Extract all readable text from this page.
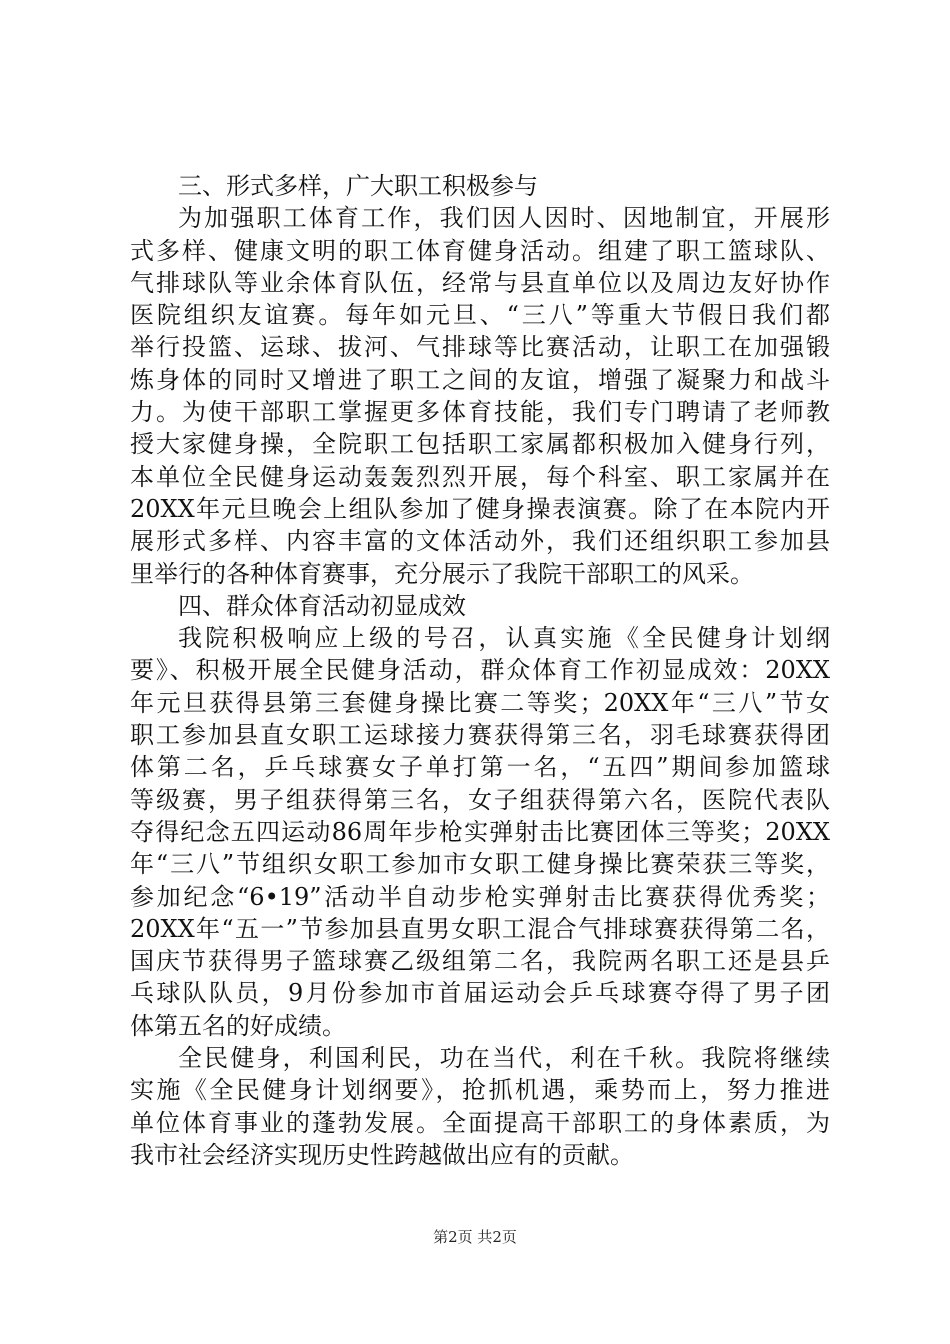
三、形式多样，广大职工积极参与
为加强职工体育工作，我们因人因时、因地制宜，开展形
式多样、健康文明的职工体育健身活动。组建了职工篮球队、
气排球队等业余体育队伍，经常与县直单位以及周边友好协作
医院组织友谊赛。每年如元旦、“三八”等重大节假日我们都
举行投篮、运球、拔河、气排球等比赛活动，让职工在加强锻
炼身体的同时又增进了职工之间的友谊，增强了凝聚力和战斗
力。为使干部职工掌握更多体育技能，我们专门聘请了老师教
授大家健身操，全院职工包括职工家属都积极加入健身行列，
本单位全民健身运动轰轰烈烈开展，每个科室、职工家属并在
20XX年元旦晚会上组队参加了健身操表演赛。除了在本院内开
展形式多样、内容丰富的文体活动外，我们还组织职工参加县
里举行的各种体育赛事，充分展示了我院干部职工的风采。
四、群众体育活动初显成效
我院积极响应上级的号召，认真实施《全民健身计划纲
要》、积极开展全民健身活动，群众体育工作初显成效：20XX
年元旦获得县第三套健身操比赛二等奖；20XX年“三八”节女
职工参加县直女职工运球接力赛获得第三名，羽毛球赛获得团
体第二名，乒乓球赛女子单打第一名，“五四”期间参加篮球
等级赛，男子组获得第三名，女子组获得第六名，医院代表队
夺得纪念五四运动86周年步枪实弹射击比赛团体三等奖；20XX
年“三八”节组织女职工参加市女职工健身操比赛荣获三等奖，
参加纪念“6•19”活动半自动步枪实弹射击比赛获得优秀奖；
20XX年“五一”节参加县直男女职工混合气排球赛获得第二名，
国庆节获得男子篮球赛乙级组第二名，我院两名职工还是县乒
乓球队队员，9月份参加市首届运动会乒乓球赛夺得了男子团
体第五名的好成绩。
全民健身，利国利民，功在当代，利在千秋。我院将继续
实施《全民健身计划纲要》，抢抓机遇，乘势而上，努力推进
单位体育事业的蓬勃发展。全面提高干部职工的身体素质，为
我市社会经济实现历史性跨越做出应有的贡献。
第2页 共2页
